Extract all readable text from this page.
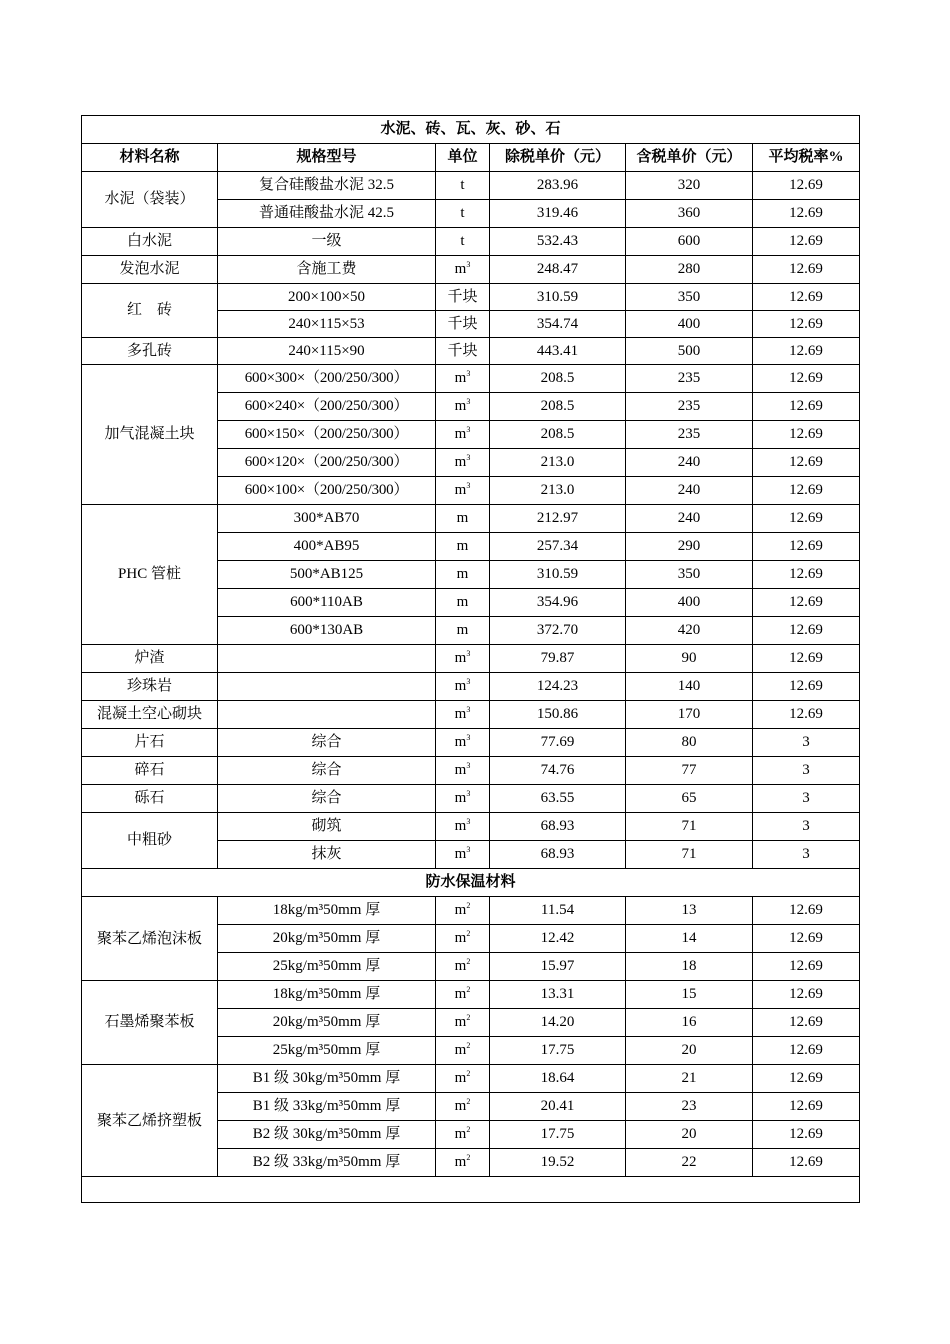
水泥、砖、瓦、灰、砂、石					
材料名称	规格型号	单位	除税单价（元）	含税单价（元）	平均税率%
水泥（袋装）	复合硅酸盐水泥 32.5	t	283.96	320	12.69
	普通硅酸盐水泥 42.5	t	319.46	360	12.69
白水泥	一级	t	532.43	600	12.69
发泡水泥	含施工费	$m^3$	248.47	280	12.69
红　砖	200×100×50	千块	310.59	350	12.69
	240×115×53	千块	354.74	400	12.69
多孔砖	240×115×90	千块	443.41	500	12.69
加气混凝土块	600×300×（200/250/300）	$m^3$	208.5	235	12.69
	600×240×（200/250/300）	$m^3$	208.5	235	12.69
	600×150×（200/250/300）	$m^3$	208.5	235	12.69
	600×120×（200/250/300）	$m^3$	213.0	240	12.69
	600×100×（200/250/300）	$m^3$	213.0	240	12.69
PHC 管桩	300*AB70	m	212.97	240	12.69
	400*AB95	m	257.34	290	12.69
	500*AB125	m	310.59	350	12.69
	600*110AB	m	354.96	400	12.69
	600*130AB	m	372.70	420	12.69
炉渣		$m^3$	79.87	90	12.69
珍珠岩		$m^3$	124.23	140	12.69
混凝土空心砌块		$m^3$	150.86	170	12.69
片石	综合	$m^3$	77.69	80	3
碎石	综合	$m^3$	74.76	77	3
砾石	综合	$m^3$	63.55	65	3
中粗砂	砌筑	$m^3$	68.93	71	3
	抹灰	$m^3$	68.93	71	3
防水保温材料					
聚苯乙烯泡沫板	18kg/m³50mm 厚	$m^2$	11.54	13	12.69
	20kg/m³50mm 厚	$m^2$	12.42	14	12.69
	25kg/m³50mm 厚	$m^2$	15.97	18	12.69
石墨烯聚苯板	18kg/m³50mm 厚	$m^2$	13.31	15	12.69
	20kg/m³50mm 厚	$m^2$	14.20	16	12.69
	25kg/m³50mm 厚	$m^2$	17.75	20	12.69
聚苯乙烯挤塑板	B1 级 30kg/m³50mm 厚	$m^2$	18.64	21	12.69
	B1 级 33kg/m³50mm 厚	$m^2$	20.41	23	12.69
	B2 级 30kg/m³50mm 厚	$m^2$	17.75	20	12.69
	B2 级 33kg/m³50mm 厚	$m^2$	19.52	22	12.69
